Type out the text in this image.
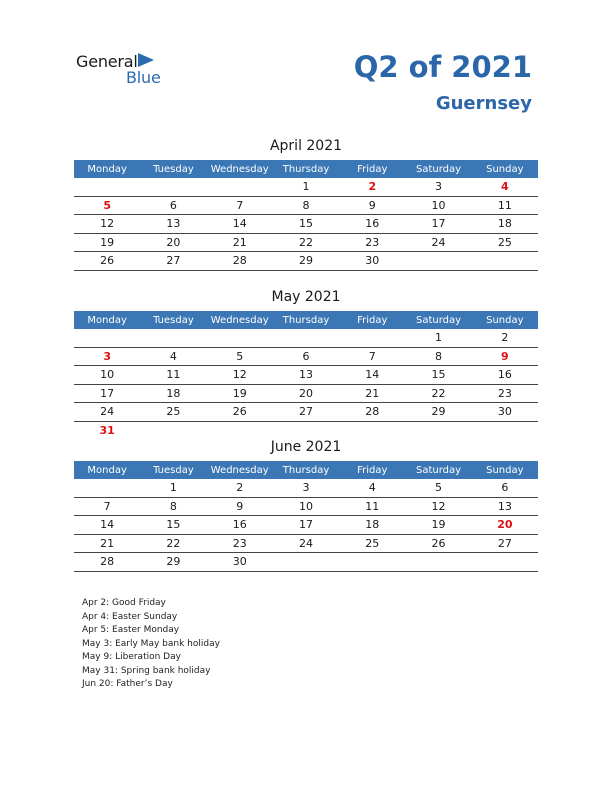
General
Blue	Q2 of 2021
Guernsey
April 2021
Monday	Tuesday	Wednesday	Thursday	Friday	Saturday	Sunday
			1	2	3	4
5	6	7	8	9	10	11
12	13	14	15	16	17	18
19	20	21	22	23	24	25
26	27	28	29	30		
May 2021
Monday	Tuesday	Wednesday	Thursday	Friday	Saturday	Sunday
					1	2
3	4	5	6	7	8	9
10	11	12	13	14	15	16
17	18	19	20	21	22	23
24	25	26	27	28	29	30
31						
June 2021
Monday	Tuesday	Wednesday	Thursday	Friday	Saturday	Sunday
	1	2	3	4	5	6
7	8	9	10	11	12	13
14	15	16	17	18	19	20
21	22	23	24	25	26	27
28	29	30				
Apr 2: Good Friday
Apr 4: Easter Sunday
Apr 5: Easter Monday
May 3: Early May bank holiday
May 9: Liberation Day
May 31: Spring bank holiday
Jun 20: Father’s Day
